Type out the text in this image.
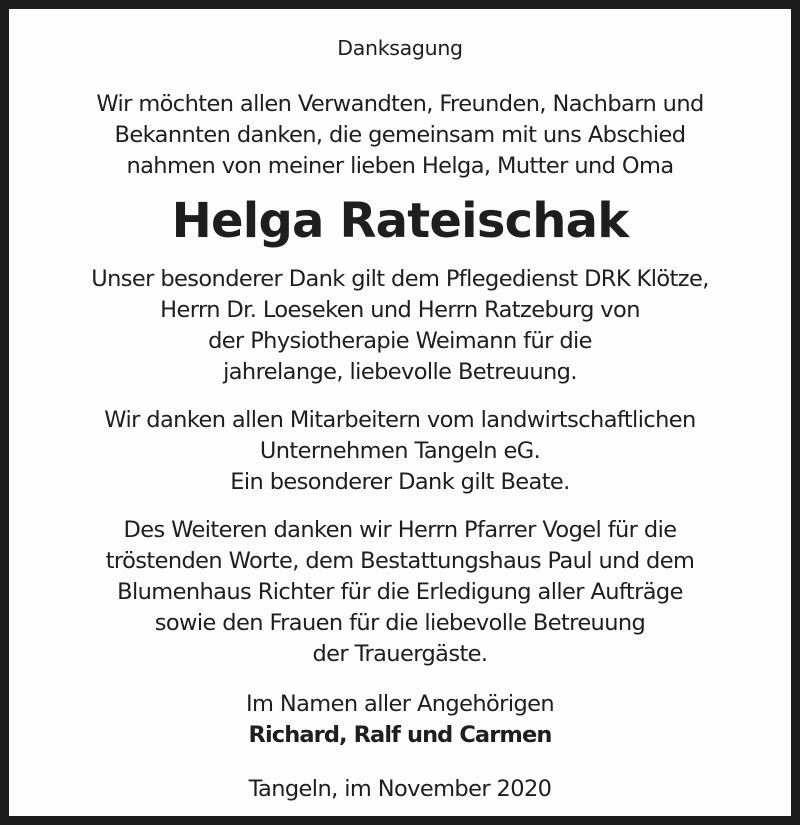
Danksagung
Wir möchten allen Verwandten, Freunden, Nachbarn und
Bekannten danken, die gemeinsam mit uns Abschied
nahmen von meiner lieben Helga, Mutter und Oma
Helga Rateischak
Unser besonderer Dank gilt dem Pflegedienst DRK Klötze,
Herrn Dr. Loeseken und Herrn Ratzeburg von
der Physiotherapie Weimann für die
jahrelange, liebevolle Betreuung.
Wir danken allen Mitarbeitern vom landwirtschaftlichen
Unternehmen Tangeln eG.
Ein besonderer Dank gilt Beate.
Des Weiteren danken wir Herrn Pfarrer Vogel für die
tröstenden Worte, dem Bestattungshaus Paul und dem
Blumenhaus Richter für die Erledigung aller Aufträge
sowie den Frauen für die liebevolle Betreuung
der Trauergäste.
Im Namen aller Angehörigen
Richard, Ralf und Carmen
Tangeln, im November 2020
